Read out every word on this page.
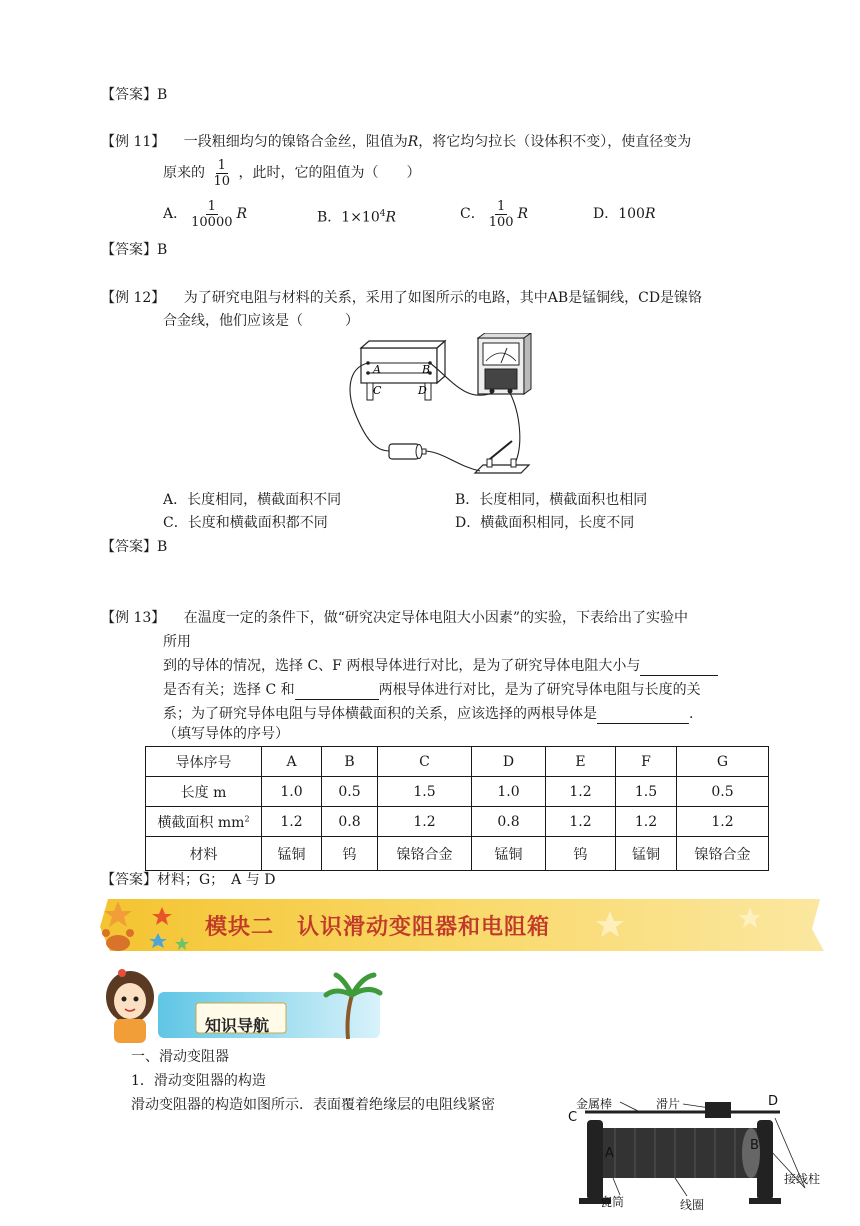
【答案】B
【例 11】 一段粗细均匀的镍铬合金丝，阻值为R，将它均匀拉长（设体积不变），使直径变为
原来的 $\frac{1}{10}$ ，此时，它的阻值为（　　）
A． $\frac{1}{10000}$ R	B．$1\times 10^4R$	C． $\frac{1}{100}$ R	D．100R
【答案】B
【例 12】 为了研究电阻与材料的关系，采用了如图所示的电路，其中AB是锰铜线，CD是镍铬
合金线，他们应该是（　　　）
A	B
C	D
A．长度相同，横截面积不同	B．长度相同，横截面积也相同
C．长度和横截面积都不同	D．横截面积相同，长度不同
【答案】B
【例 13】 在温度一定的条件下，做“研究决定导体电阻大小因素”的实验，下表给出了实验中
所用
到的导体的情况，选择 C、F 两根导体进行对比，是为了研究导体电阻大小与
是否有关；选择 C 和	两根导体进行对比，是为了研究导体电阻与长度的关
系；为了研究导体电阻与导体横截面积的关系，应该选择的两根导体是	.
（填写导体的序号）
导体序号	A	B	C	D	E	F	G
长度 m	1.0	0.5	1.5	1.0	1.2	1.5	0.5
横截面积 $mm^2$	1.2	0.8	1.2	0.8	1.2	1.2	1.2
材料	锰铜	钨	镍铬合金	锰铜	钨	锰铜	镍铬合金
【答案】材料；G；　A 与 D
模块二　认识滑动变阻器和电阻箱
知识导航
一、滑动变阻器
1．滑动变阻器的构造
滑动变阻器的构造如图所示．表面覆着绝缘层的电阻线紧密	金属棒	滑片
C
D
A
B
接线柱
瓷筒	线圈
